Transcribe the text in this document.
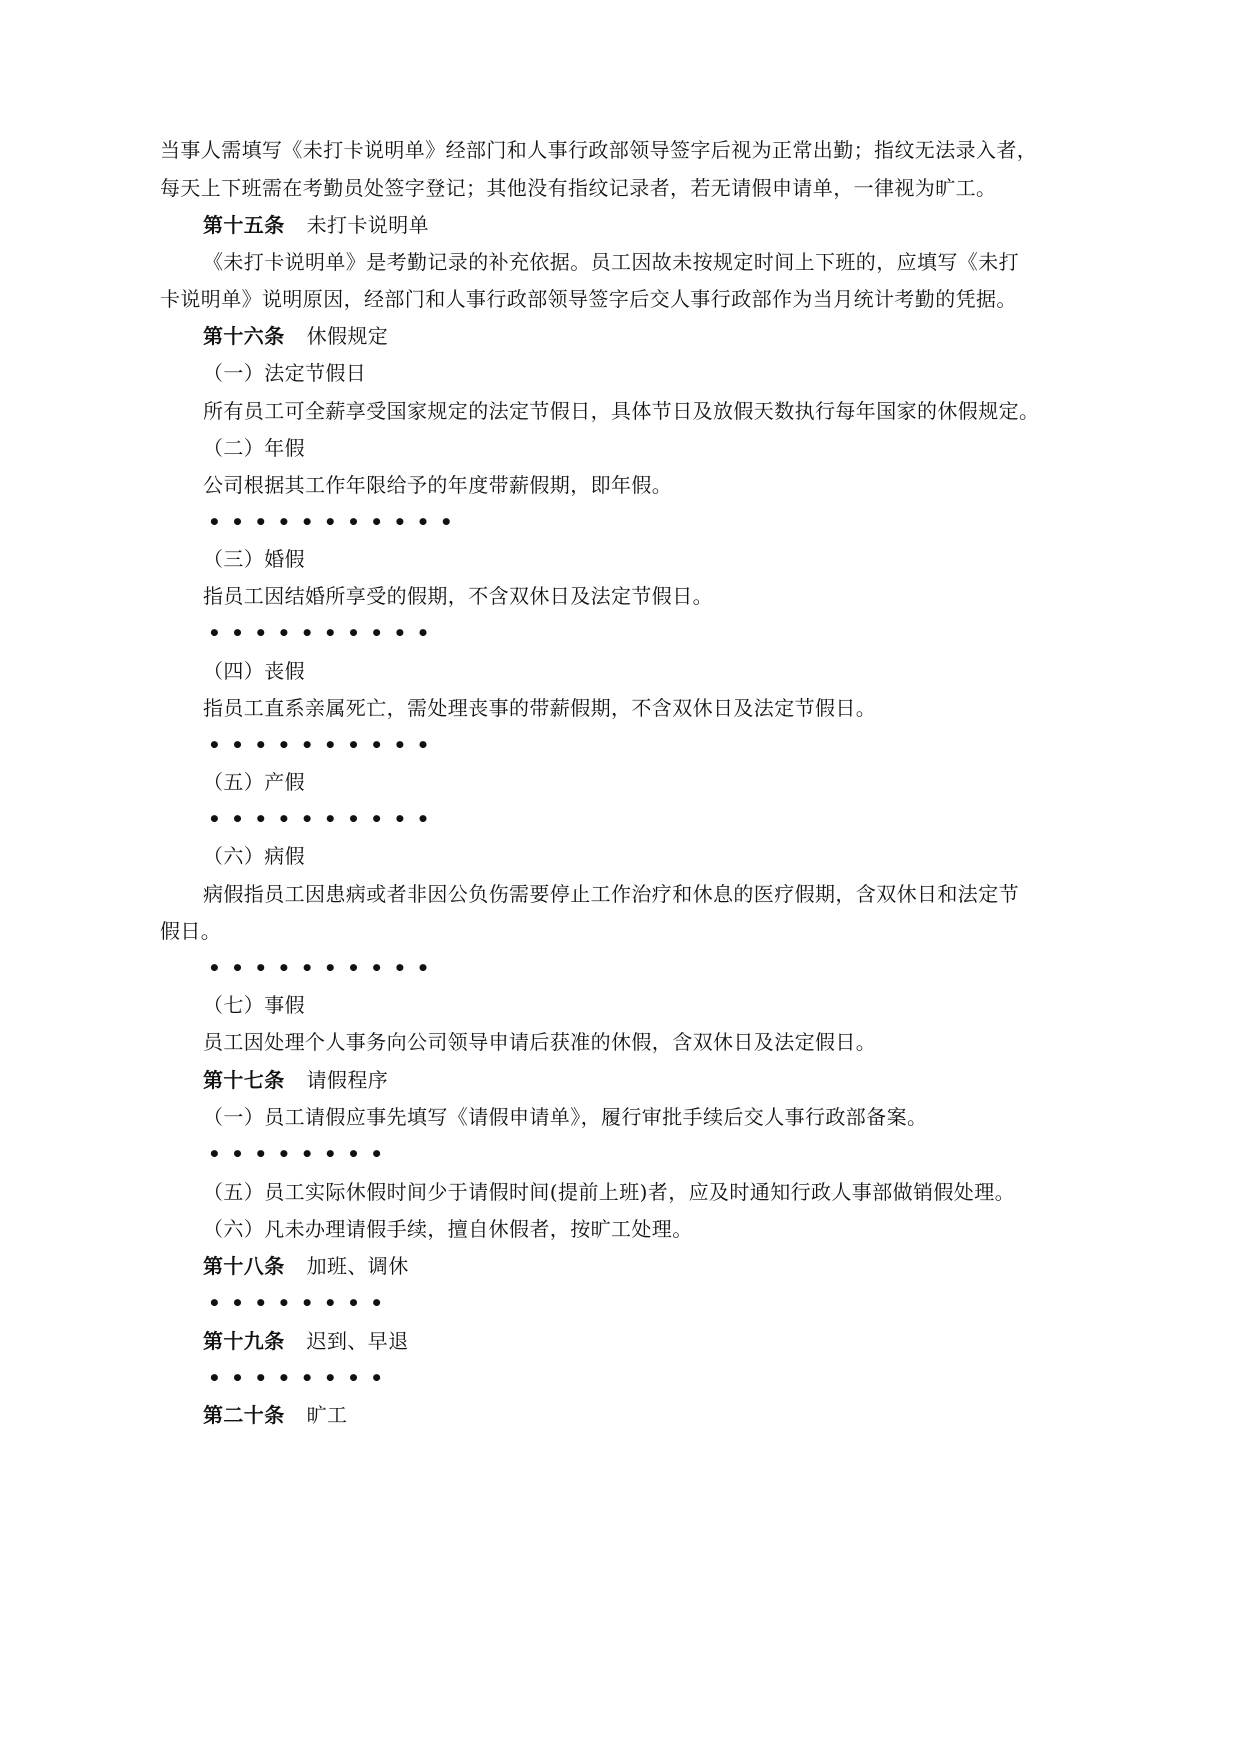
当事人需填写《未打卡说明单》经部门和人事行政部领导签字后视为正常出勤；指纹无法录入者，
每天上下班需在考勤员处签字登记；其他没有指纹记录者，若无请假申请单，一律视为旷工。
第十五条 未打卡说明单
《未打卡说明单》是考勤记录的补充依据。员工因故未按规定时间上下班的，应填写《未打
卡说明单》说明原因，经部门和人事行政部领导签字后交人事行政部作为当月统计考勤的凭据。
第十六条 休假规定
（一）法定节假日
所有员工可全薪享受国家规定的法定节假日，具体节日及放假天数执行每年国家的休假规定。
（二）年假
公司根据其工作年限给予的年度带薪假期，即年假。
•••••••••••
（三）婚假
指员工因结婚所享受的假期，不含双休日及法定节假日。
••••••••••
（四）丧假
指员工直系亲属死亡，需处理丧事的带薪假期，不含双休日及法定节假日。
••••••••••
（五）产假
••••••••••
（六）病假
病假指员工因患病或者非因公负伤需要停止工作治疗和休息的医疗假期，含双休日和法定节
假日。
••••••••••
（七）事假
员工因处理个人事务向公司领导申请后获准的休假，含双休日及法定假日。
第十七条 请假程序
（一）员工请假应事先填写《请假申请单》，履行审批手续后交人事行政部备案。
••••••••
（五）员工实际休假时间少于请假时间(提前上班)者，应及时通知行政人事部做销假处理。
（六）凡未办理请假手续，擅自休假者，按旷工处理。
第十八条 加班、调休
••••••••
第十九条 迟到、早退
••••••••
第二十条 旷工
